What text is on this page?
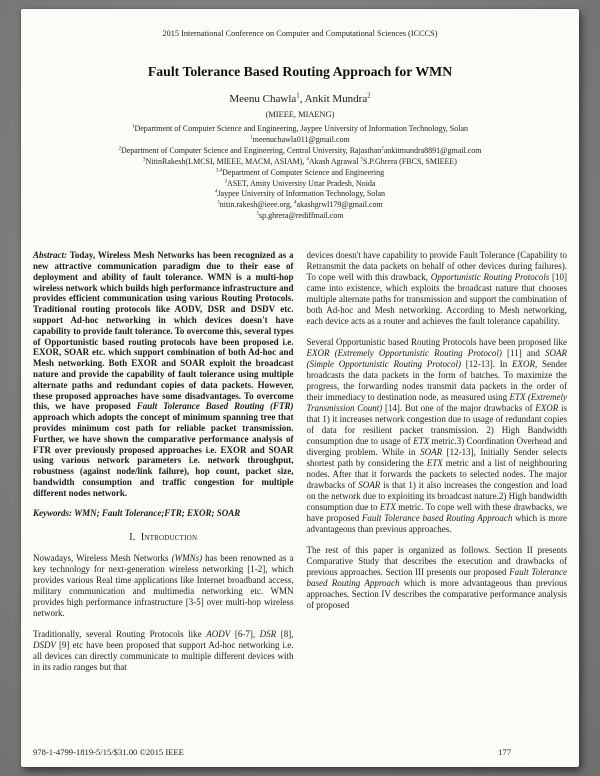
2015 International Conference on Computer and Computational Sciences (ICCCS)
Fault Tolerance Based Routing Approach for WMN
Meenu Chawla$^1$, Ankit Mundra$^2$
(MIEEE, MIAENG)
$^1$Department of Computer Science and Engineering, Jaypee University of Information Technology, Solan
$^1$meenuchawla011@gmail.com
$^2$Department of Computer Science and Engineering, Central University, Rajasthan$^2$ankitmundra8891@gmail.com
$^3$NitinRakesh(LMCSI, MIEEE, MACM, ASIAM), $^4$Akash Agrawal $^5$S.P.Ghrera (FBCS, SMIEEE)
$^{3,4}$Department of Computer Science and Engineering
$^3$ASET, Amity University Uttar Pradesh, Noida
$^4$Jaypee University of Information Technology, Solan
$^3$nitin.rakesh@ieee.org, $^4$akashgrwl179@gmail.com
$^5$sp.ghrera@rediffmail.com

Abstract: Today, Wireless Mesh Networks has been recognized as a new attractive communication paradigm due to their ease of deployment and ability of fault tolerance. WMN is a multi-hop wireless network which builds high performance infrastructure and provides efficient communication using various Routing Protocols. Traditional routing protocols like AODV, DSR and DSDV etc. support Ad-hoc networking in which devices doesn't have capability to provide fault tolerance. To overcome this, several types of Opportunistic based routing protocols have been proposed i.e. EXOR, SOAR etc. which support combination of both Ad-hoc and Mesh networking. Both EXOR and SOAR exploit the broadcast nature and provide the capability of fault tolerance using multiple alternate paths and redundant copies of data packets. However, these proposed approaches have some disadvantages. To overcome this, we have proposed Fault Tolerance Based Routing (FTR) approach which adopts the concept of minimum spanning tree that provides minimum cost path for reliable packet transmission. Further, we have shown the comparative performance analysis of FTR over previously proposed approaches i.e. EXOR and SOAR using various network parameters i.e. network throughput, robustness (against node/link failure), hop count, packet size, bandwidth consumption and traffic congestion for multiple different nodes network.

Keywords: WMN; Fault Tolerance;FTR; EXOR; SOAR

I.  Introduction

Nowadays, Wireless Mesh Networks (WMNs) has been renowned as a key technology for next-generation wireless networking [1-2], which provides various Real time applications like Internet broadband access, military communication and multimedia networking etc. WMN provides high performance infrastructure [3-5] over multi-hop wireless network.

Traditionally, several Routing Protocols like AODV [6-7], DSR [8], DSDV [9] etc have been proposed that support Ad-hoc networking i.e. all devices can directly communicate to multiple different devices with in its radio ranges but that

devices doesn't have capability to provide Fault Tolerance (Capability to Retransmit the data packets on behalf of other devices during failures). To cope well with this drawback, Opportunistic Routing Protocols [10] came into existence, which exploits the broadcast nature that chooses multiple alternate paths for transmission and support the combination of both Ad-hoc and Mesh networking. According to Mesh networking, each device acts as a router and achieves the fault tolerance capability.

Several Opportunistic based Routing Protocols have been proposed like EXOR (Extremely Opportunistic Routing Protocol) [11] and SOAR (Simple Opportunistic Routing Protocol) [12-13]. In EXOR, Sender broadcasts the data packets in the form of batches. To maximize the progress, the forwarding nodes transmit data packets in the order of their immediacy to destination node, as measured using ETX (Extremely Transmission Count) [14]. But one of the major drawbacks of EXOR is that 1) it increases network congestion due to usage of redundant copies of data for resilient packet transmission. 2) High Bandwidth consumption due to usage of ETX metric.3) Coordination Overhead and diverging problem. While in SOAR [12-13], Initially Sender selects shortest path by considering the ETX metric and a list of neighbouring nodes. After that it forwards the packets to selected nodes. The major drawbacks of SOAR is that 1) it also increases the congestion and load on the network due to exploiting its broadcast nature.2) High bandwidth consumption due to ETX metric. To cope well with these drawbacks, we have proposed Fault Tolerance based Routing Approach which is more advantageous than previous approaches.

The rest of this paper is organized as follows. Section II presents Comparative Study that describes the execution and drawbacks of previous approaches. Section III presents our proposed Fault Tolerance based Routing Approach which is more advantageous than previous approaches. Section IV describes the comparative performance analysis of proposed

978-1-4799-1819-5/15/$31.00 ©2015 IEEE	177
